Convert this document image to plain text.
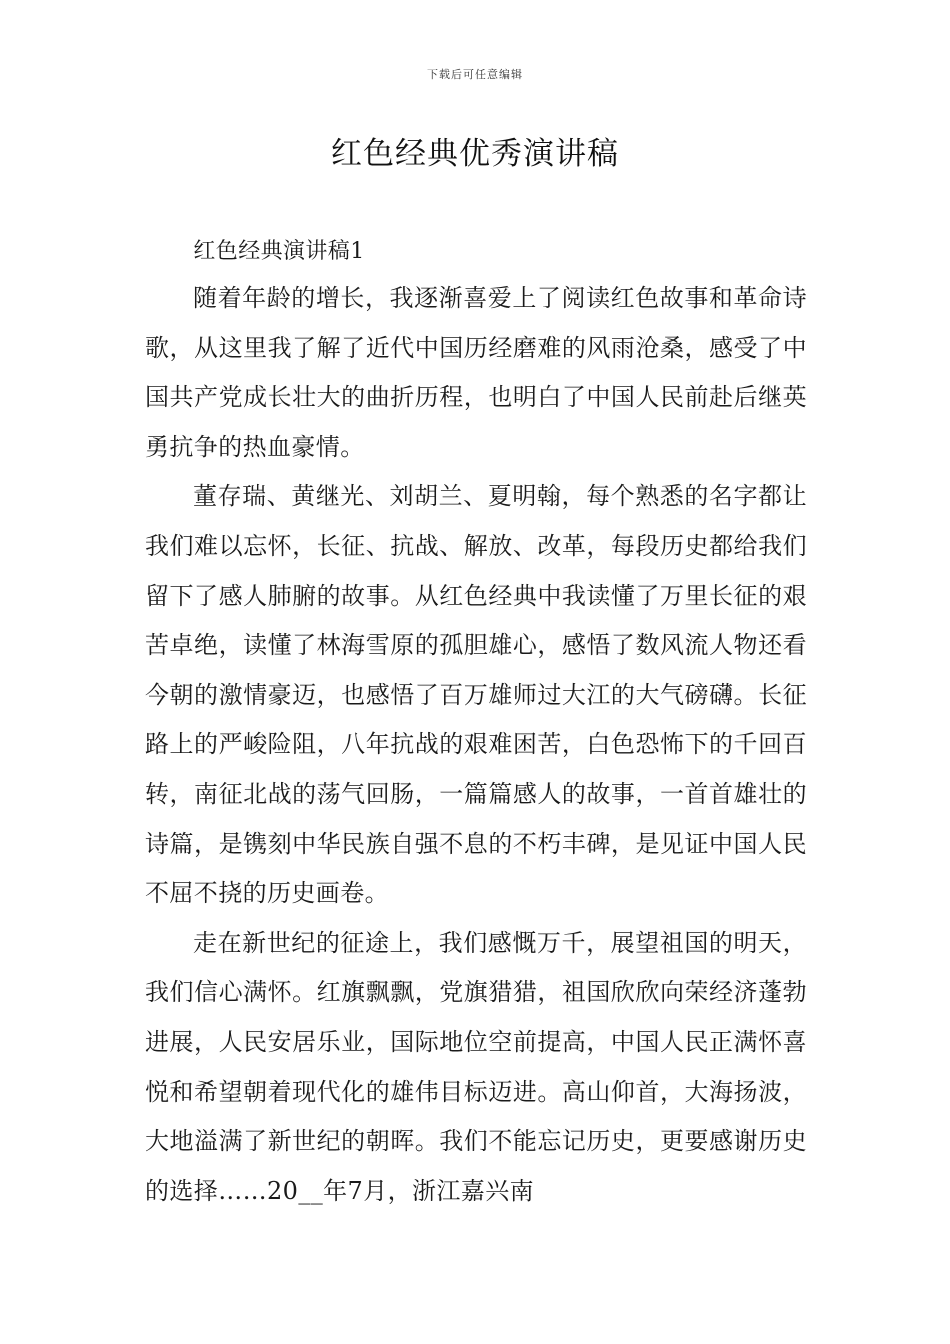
下载后可任意编辑
红色经典优秀演讲稿

红色经典演讲稿1

随着年龄的增长，我逐渐喜爱上了阅读红色故事和革命诗歌，从这里我了解了近代中国历经磨难的风雨沧桑，感受了中国共产党成长壮大的曲折历程，也明白了中国人民前赴后继英勇抗争的热血豪情。

董存瑞、黄继光、刘胡兰、夏明翰，每个熟悉的名字都让我们难以忘怀，长征、抗战、解放、改革，每段历史都给我们留下了感人肺腑的故事。从红色经典中我读懂了万里长征的艰苦卓绝，读懂了林海雪原的孤胆雄心，感悟了数风流人物还看今朝的激情豪迈，也感悟了百万雄师过大江的大气磅礴。长征路上的严峻险阻，八年抗战的艰难困苦，白色恐怖下的千回百转，南征北战的荡气回肠，一篇篇感人的故事，一首首雄壮的诗篇，是镌刻中华民族自强不息的不朽丰碑，是见证中国人民不屈不挠的历史画卷。

走在新世纪的征途上，我们感慨万千，展望祖国的明天，我们信心满怀。红旗飘飘，党旗猎猎，祖国欣欣向荣经济蓬勃进展，人民安居乐业，国际地位空前提高，中国人民正满怀喜悦和希望朝着现代化的雄伟目标迈进。高山仰首，大海扬波，大地溢满了新世纪的朝晖。我们不能忘记历史，更要感谢历史的选择……20__年7月，浙江嘉兴南
